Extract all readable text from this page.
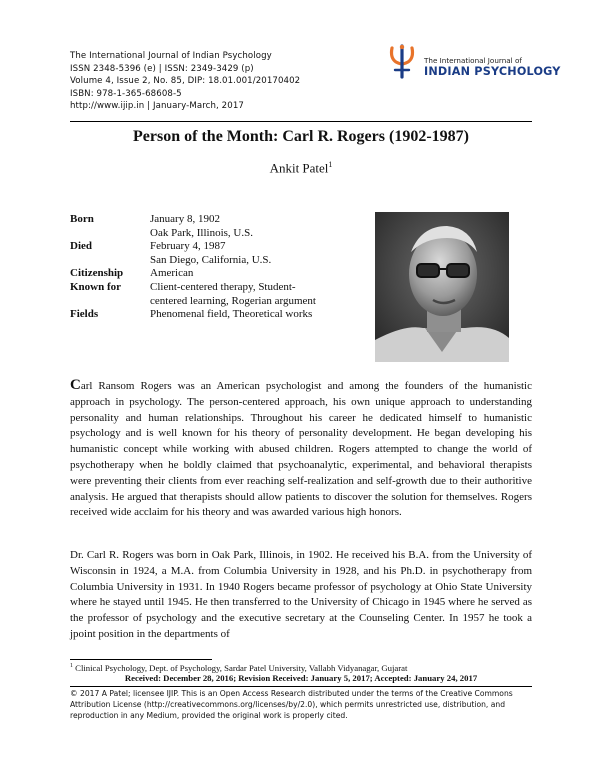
The International Journal of Indian Psychology
ISSN 2348-5396 (e) | ISSN: 2349-3429 (p)
Volume 4, Issue 2, No. 85, DIP: 18.01.001/20170402
ISBN: 978-1-365-68608-5
http://www.ijip.in | January-March, 2017
The International Journal of
INDIAN PSYCHOLOGY
Person of the Month: Carl R. Rogers (1902-1987)
Ankit Patel$^1$
Born	January 8, 1902
Oak Park, Illinois, U.S.
Died	February 4, 1987
San Diego, California, U.S.
Citizenship	American
Known for	Client-centered therapy, Student-
centered learning, Rogerian argument
Fields	Phenomenal field, Theoretical works
Carl Ransom Rogers was an American psychologist and among the founders of the humanistic approach in psychology. The person-centered approach, his own unique approach to understanding personality and human relationships. Throughout his career he dedicated himself to humanistic psychology and is well known for his theory of personality development. He began developing his humanistic concept while working with abused children. Rogers attempted to change the world of psychotherapy when he boldly claimed that psychoanalytic, experimental, and behavioral therapists were preventing their clients from ever reaching self-realization and self-growth due to their authoritive analysis. He argued that therapists should allow patients to discover the solution for themselves. Rogers received wide acclaim for his theory and was awarded various high honors.
Dr. Carl R. Rogers was born in Oak Park, Illinois, in 1902. He received his B.A. from the University of Wisconsin in 1924, a M.A. from Columbia University in 1928, and his Ph.D. in psychotherapy from Columbia University in 1931. In 1940 Rogers became professor of psychology at Ohio State University where he stayed until 1945. He then transferred to the University of Chicago in 1945 where he served as the professor of psychology and the executive secretary at the Counseling Center. In 1957 he took a jpoint position in the departments of
$^1$ Clinical Psychology, Dept. of Psychology, Sardar Patel University, Vallabh Vidyanagar, Gujarat
Received: December 28, 2016; Revision Received: January 5, 2017; Accepted: January 24, 2017
© 2017 A Patel; licensee IJIP. This is an Open Access Research distributed under the terms of the Creative Commons Attribution License (http://creativecommons.org/licenses/by/2.0), which permits unrestricted use, distribution, and reproduction in any Medium, provided the original work is properly cited.
